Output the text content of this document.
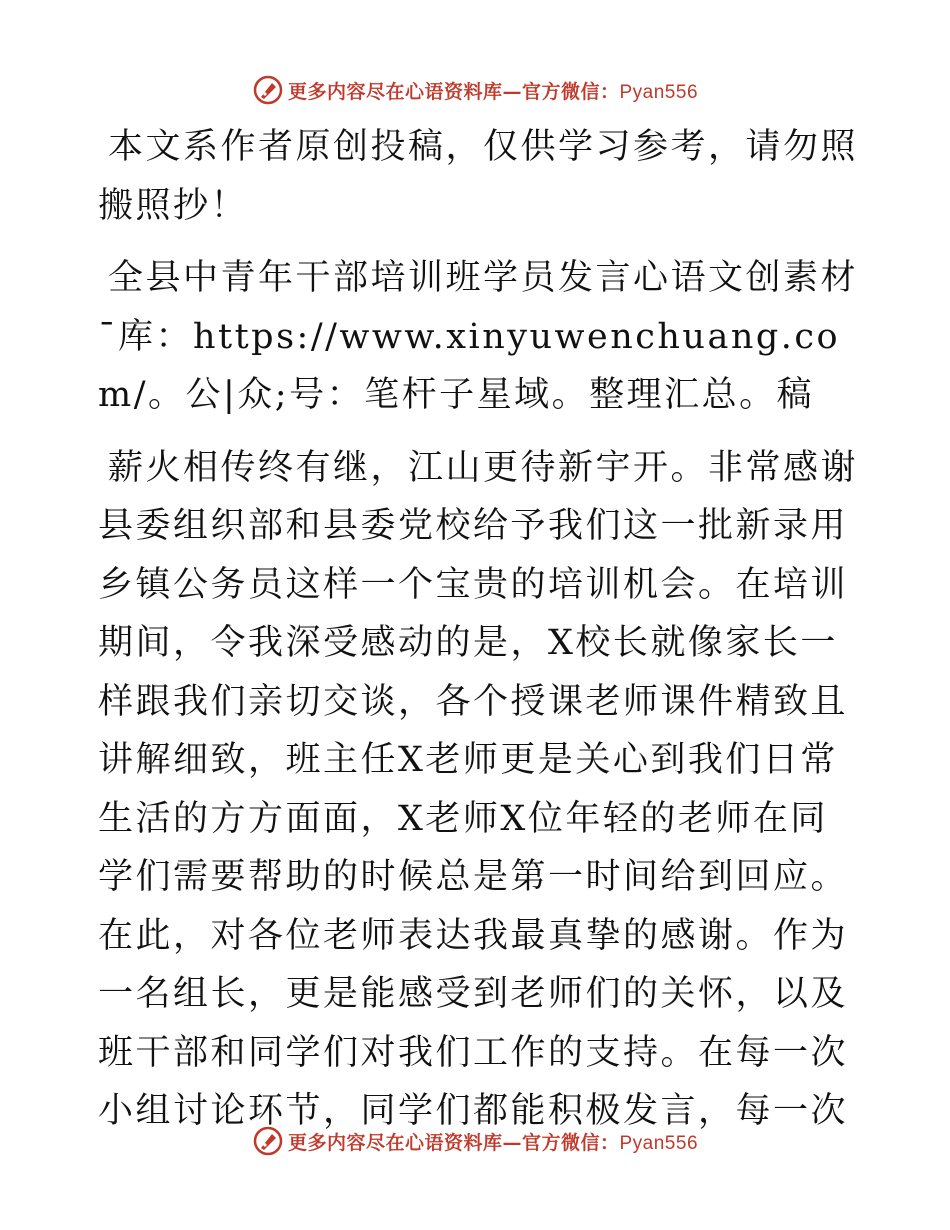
更多内容尽在心语资料库—官方微信：Pyan556

本文系作者原创投稿，仅供学习参考，请勿照搬照抄！

全县中青年干部培训班学员发言心语文创素材¯库：https://www.xinyuwenchuang.com/。公|众;号：笔杆子星域。整理汇总。稿

薪火相传终有继，江山更待新宇开。非常感谢县委组织部和县委党校给予我们这一批新录用乡镇公务员这样一个宝贵的培训机会。在培训期间，令我深受感动的是，X校长就像家长一样跟我们亲切交谈，各个授课老师课件精致且讲解细致，班主任X老师更是关心到我们日常生活的方方面面，X老师X位年轻的老师在同学们需要帮助的时候总是第一时间给到回应。在此，对各位老师表达我最真挚的感谢。作为一名组长，更是能感受到老师们的关怀，以及班干部和同学们对我们工作的支持。在每一次小组讨论环节，同学们都能积极发言，每一次

更多内容尽在心语资料库—官方微信：Pyan556
